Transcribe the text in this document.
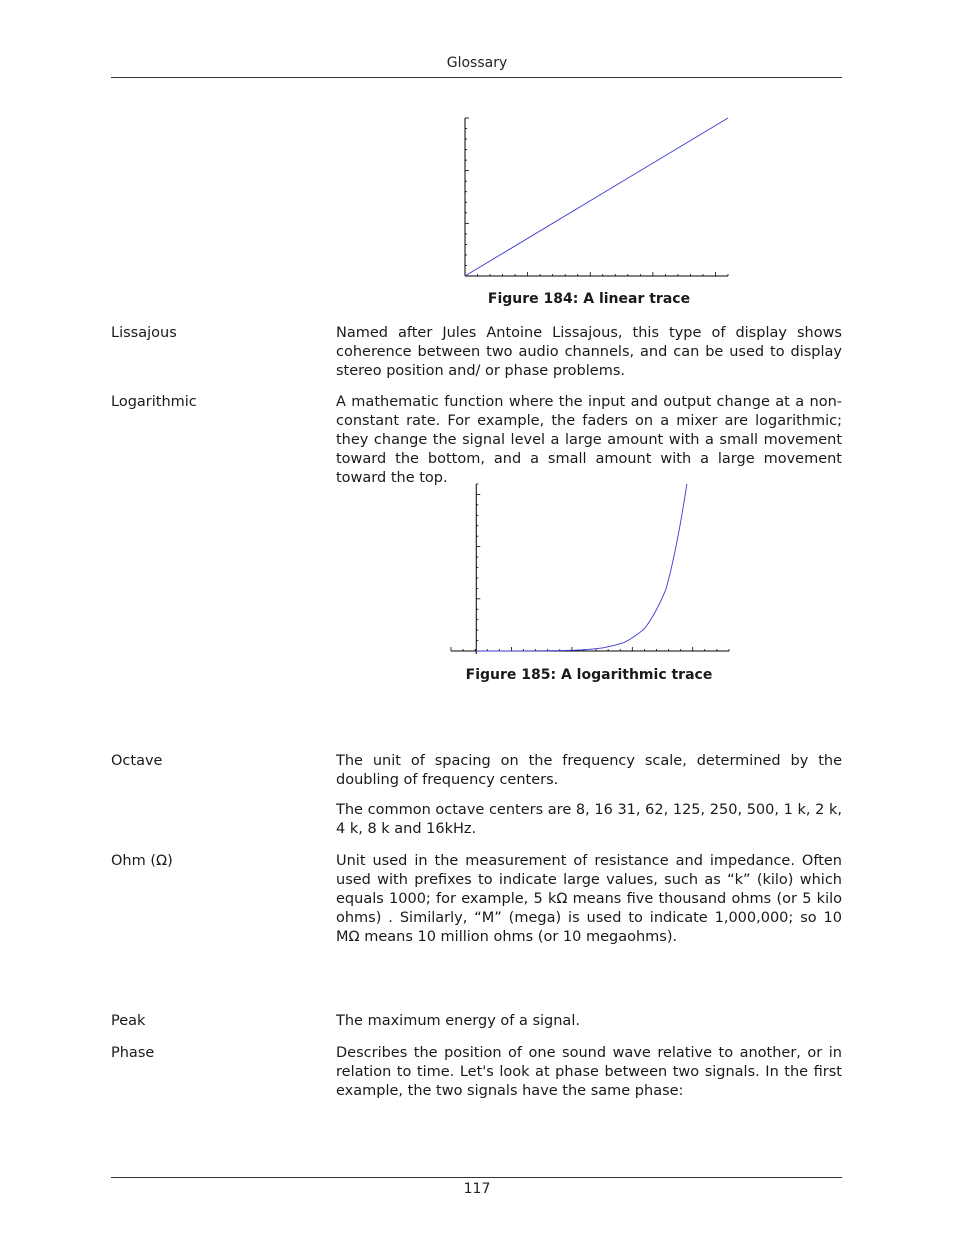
Glossary
Figure 184: A linear trace
Lissajous	Named after Jules Antoine Lissajous, this type of display shows coherence between two audio channels, and can be used to display stereo position and/ or phase problems.
Logarithmic	A mathematic function where the input and output change at a non-constant rate. For example, the faders on a mixer are logarithmic; they change the signal level a large amount with a small movement toward the bottom, and a small amount with a large movement toward the top.
Figure 185: A logarithmic trace
Octave	The unit of spacing on the frequency scale, determined by the doubling of frequency centers.
The common octave centers are 8, 16 31, 62, 125, 250, 500, 1 k, 2 k, 4 k, 8 k and 16kHz.
Ohm (Ω)	Unit used in the measurement of resistance and impedance. Often used with prefixes to indicate large values, such as “k” (kilo) which equals 1000; for example, 5 kΩ means five thousand ohms (or 5 kilo ohms) . Similarly, “M” (mega) is used to indicate 1,000,000; so 10 MΩ means 10 million ohms (or 10 megaohms).
Peak	The maximum energy of a signal.
Phase	Describes the position of one sound wave relative to another, or in relation to time. Let's look at phase between two signals. In the first example, the two signals have the same phase:
117
